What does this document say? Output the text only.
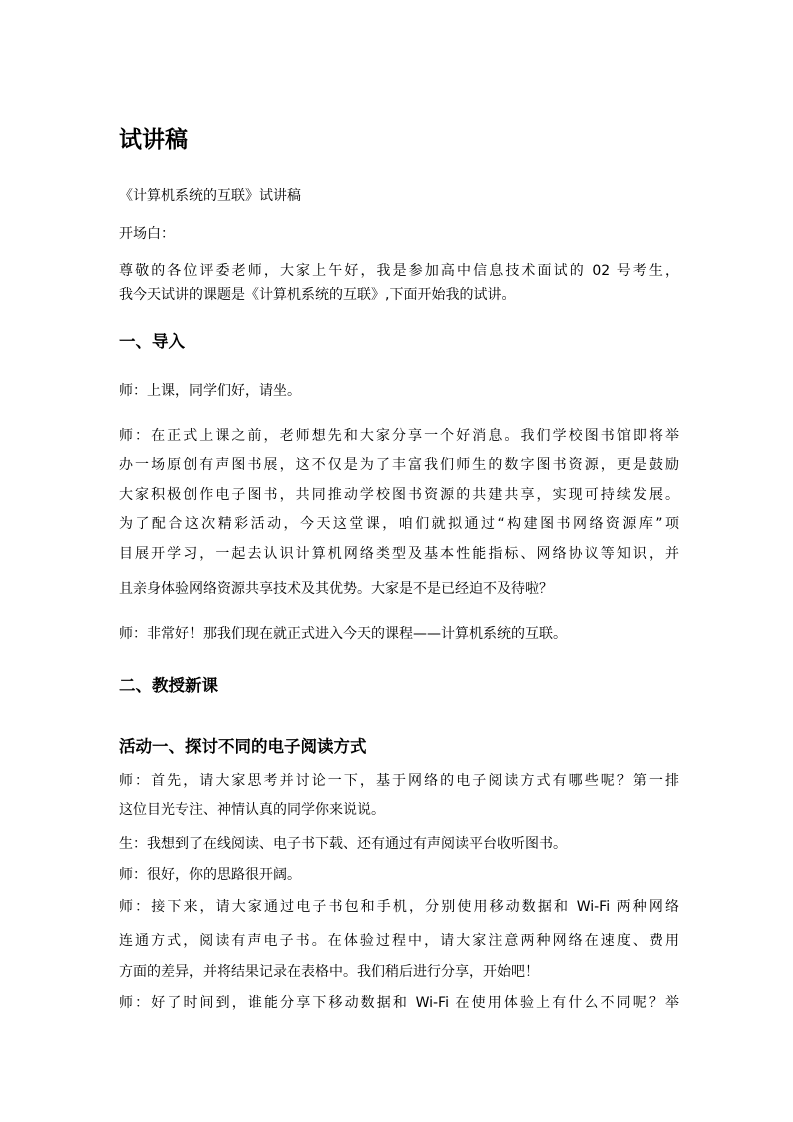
试讲稿
《计算机系统的互联》试讲稿
开场白：
尊敬的各位评委老师，大家上午好，我是参加高中信息技术面试的 02 号考生，
我今天试讲的课题是《计算机系统的互联》,下面开始我的试讲。
一、导入
师：上课，同学们好，请坐。
师：在正式上课之前，老师想先和大家分享一个好消息。我们学校图书馆即将举
办一场原创有声图书展，这不仅是为了丰富我们师生的数字图书资源，更是鼓励
大家积极创作电子图书，共同推动学校图书资源的共建共享，实现可持续发展。
为了配合这次精彩活动，今天这堂课，咱们就拟通过“构建图书网络资源库”项
目展开学习，一起去认识计算机网络类型及基本性能指标、网络协议等知识，并
且亲身体验网络资源共享技术及其优势。大家是不是已经迫不及待啦？
师：非常好！那我们现在就正式进入今天的课程——计算机系统的互联。
二、教授新课
活动一、探讨不同的电子阅读方式
师：首先，请大家思考并讨论一下，基于网络的电子阅读方式有哪些呢？第一排
这位目光专注、神情认真的同学你来说说。
生：我想到了在线阅读、电子书下载、还有通过有声阅读平台收听图书。
师：很好，你的思路很开阔。
师：接下来，请大家通过电子书包和手机，分别使用移动数据和 Wi-Fi 两种网络
连通方式，阅读有声电子书。在体验过程中，请大家注意两种网络在速度、费用
方面的差异，并将结果记录在表格中。我们稍后进行分享，开始吧！
师：好了时间到，谁能分享下移动数据和 Wi-Fi 在使用体验上有什么不同呢？举
